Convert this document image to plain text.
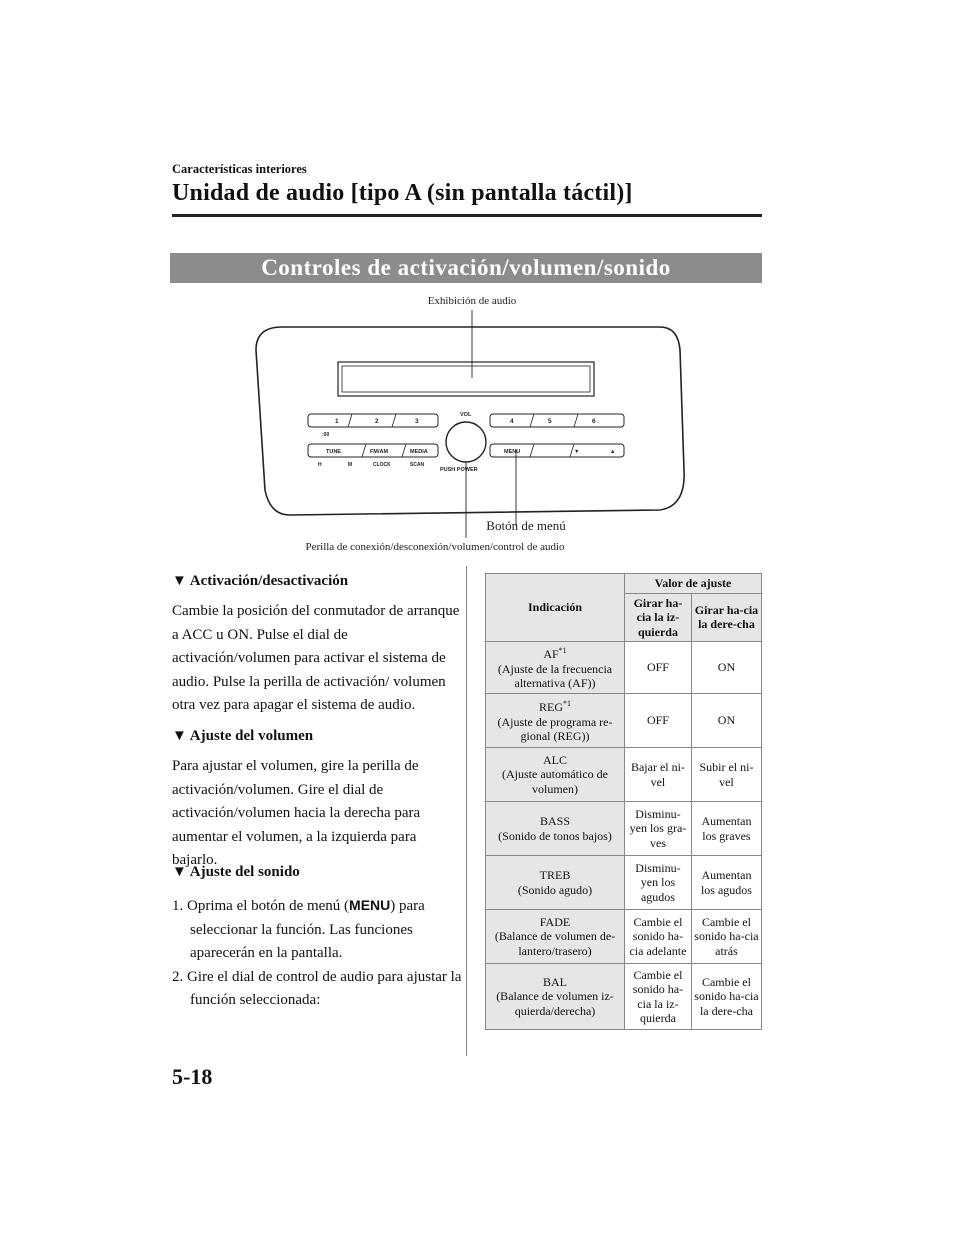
Características interiores
Unidad de audio [tipo A (sin pantalla táctil)]
Controles de activación/volumen/sonido
1	2	3
:00
4	5	6
TUNE	FM/AM	MEDIA
H	M	CLOCK	SCAN
MENU	▼	▲
VOL
PUSH POWER
Exhibición de audio
Botón de menú
Perilla de conexión/desconexión/volumen/control de audio
▼ Activación/desactivación
Cambie la posición del conmutador de arranque a ACC u ON. Pulse el dial de activación/volumen para activar el sistema de audio. Pulse la perilla de activación/ volumen otra vez para apagar el sistema de audio.
▼ Ajuste del volumen
Para ajustar el volumen, gire la perilla de activación/volumen. Gire el dial de activación/volumen hacia la derecha para aumentar el volumen, a la izquierda para bajarlo.
▼ Ajuste del sonido
1. Oprima el botón de menú (MENU) para seleccionar la función. Las funciones aparecerán en la pantalla.
2. Gire el dial de control de audio para ajustar la función seleccionada:
Indicación	Valor de ajuste	
	Girar ha-cia la iz-quierda	Girar ha-cia la dere-cha
AF$^{*1}$
(Ajuste de la frecuencia alternativa (AF))	OFF	ON
REG$^{*1}$
(Ajuste de programa re-gional (REG))	OFF	ON
ALC
(Ajuste automático de volumen)	Bajar el ni-vel	Subir el ni-vel
BASS
(Sonido de tonos bajos)	Disminu-yen los gra-ves	Aumentan los graves
TREB
(Sonido agudo)	Disminu-yen los agudos	Aumentan los agudos
FADE
(Balance de volumen de-lantero/trasero)	Cambie el sonido ha-cia adelante	Cambie el sonido ha-cia atrás
BAL
(Balance de volumen iz-quierda/derecha)	Cambie el sonido ha-cia la iz-quierda	Cambie el sonido ha-cia la dere-cha
5-18
